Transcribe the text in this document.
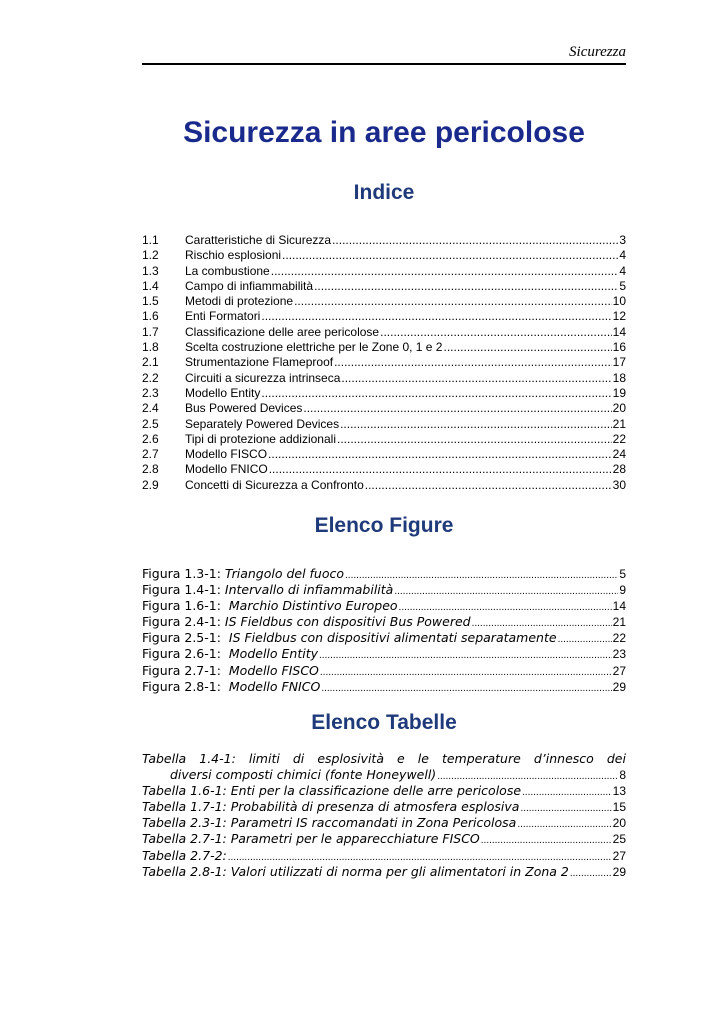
Sicurezza
Sicurezza in aree pericolose
Indice
1.1	Caratteristiche di Sicurezza .....	3
1.2	Rischio esplosioni .....	4
1.3	La combustione .....	4
1.4	Campo di infiammabilità .....	5
1.5	Metodi di protezione .....	10
1.6	Enti Formatori .....	12
1.7	Classificazione delle aree pericolose .....	14
1.8	Scelta costruzione elettriche per le Zone 0, 1 e 2 .....	16
2.1	Strumentazione Flameproof .....	17
2.2	Circuiti a sicurezza intrinseca .....	18
2.3	Modello Entity .....	19
2.4	Bus Powered Devices .....	20
2.5	Separately Powered Devices .....	21
2.6	Tipi di protezione addizionali .....	22
2.7	Modello FISCO .....	24
2.8	Modello FNICO .....	28
2.9	Concetti di Sicurezza a Confronto .....	30
Elenco Figure
Figura 1.3-1: Triangolo del fuoco .....	5
Figura 1.4-1: Intervallo di infiammabilità .....	9
Figura 1.6-1: Marchio Distintivo Europeo .....	14
Figura 2.4-1: IS Fieldbus con dispositivi Bus Powered .....	21
Figura 2.5-1: IS Fieldbus con dispositivi alimentati separatamente .....	22
Figura 2.6-1: Modello Entity .....	23
Figura 2.7-1: Modello FISCO .....	27
Figura 2.8-1: Modello FNICO .....	29
Elenco Tabelle
Tabella 1.4-1: limiti di esplosività e le temperature d’innesco dei
diversi composti chimici (fonte Honeywell) .....	8
Tabella 1.6-1: Enti per la classificazione delle arre pericolose .....	13
Tabella 1.7-1: Probabilità di presenza di atmosfera esplosiva .....	15
Tabella 2.3-1: Parametri IS raccomandati in Zona Pericolosa .....	20
Tabella 2.7-1: Parametri per le apparecchiature FISCO .....	25
Tabella 2.7-2: .....	27
Tabella 2.8-1: Valori utilizzati di norma per gli alimentatori in Zona 2 .....	29
